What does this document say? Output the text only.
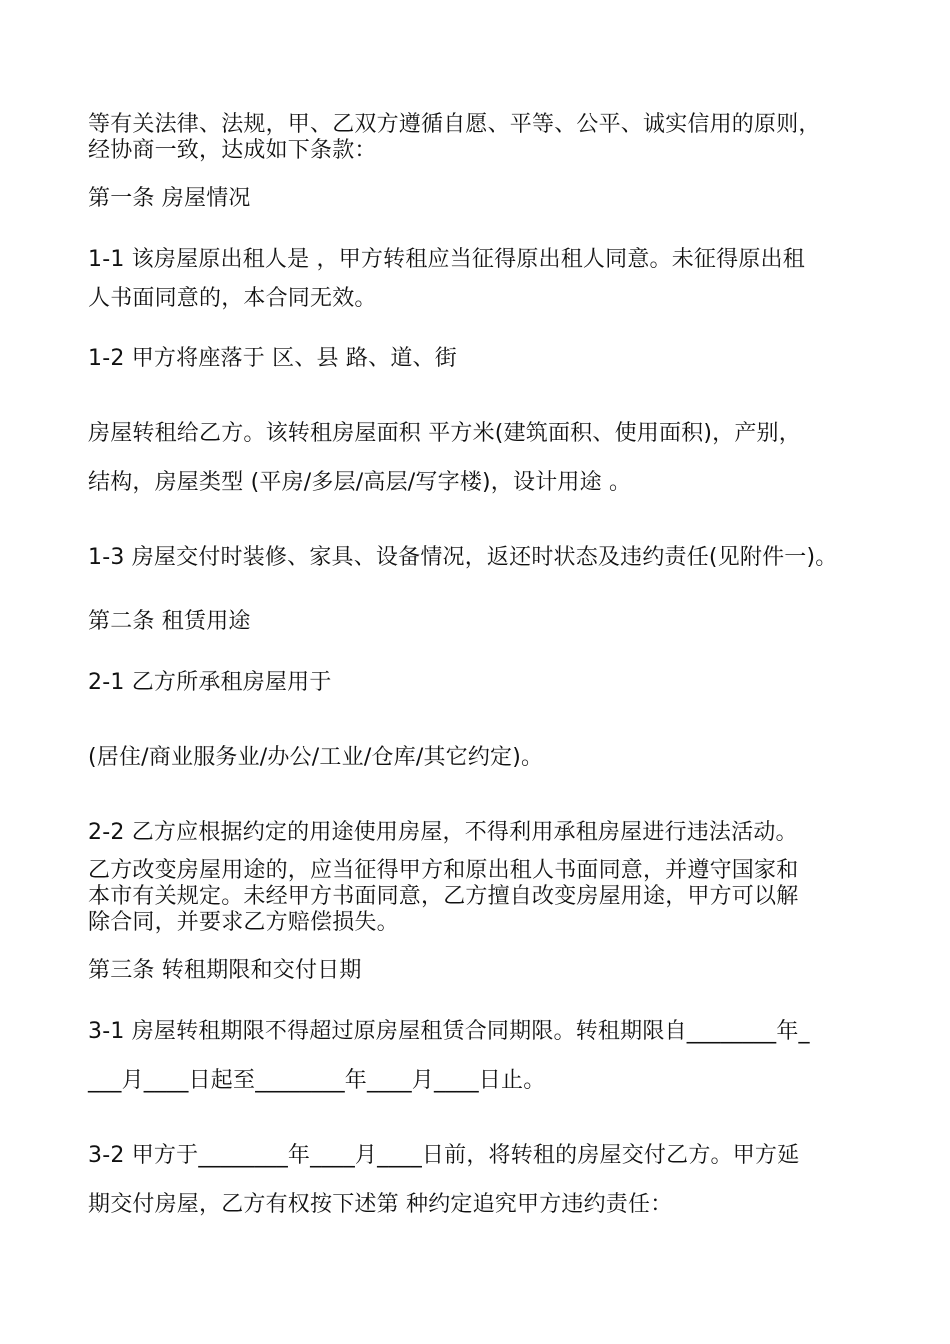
等有关法律、法规，甲、乙双方遵循自愿、平等、公平、诚实信用的原则，
经协商一致，达成如下条款：
第一条 房屋情况
1-1 该房屋原出租人是 ，甲方转租应当征得原出租人同意。未征得原出租
人书面同意的，本合同无效。
1-2 甲方将座落于 区、县 路、道、街
房屋转租给乙方。该转租房屋面积 平方米(建筑面积、使用面积)，产别，
结构，房屋类型 (平房/多层/高层/写字楼)，设计用途 。
1-3 房屋交付时装修、家具、设备情况，返还时状态及违约责任(见附件一)。
第二条 租赁用途
2-1 乙方所承租房屋用于
(居住/商业服务业/办公/工业/仓库/其它约定)。
2-2 乙方应根据约定的用途使用房屋，不得利用承租房屋进行违法活动。
乙方改变房屋用途的，应当征得甲方和原出租人书面同意，并遵守国家和
本市有关规定。未经甲方书面同意，乙方擅自改变房屋用途，甲方可以解
除合同，并要求乙方赔偿损失。
第三条 转租期限和交付日期
3-1 房屋转租期限不得超过原房屋租赁合同期限。转租期限自________年_
___月____日起至________年____月____日止。
3-2 甲方于________年____月____日前，将转租的房屋交付乙方。甲方延
期交付房屋，乙方有权按下述第 种约定追究甲方违约责任：
